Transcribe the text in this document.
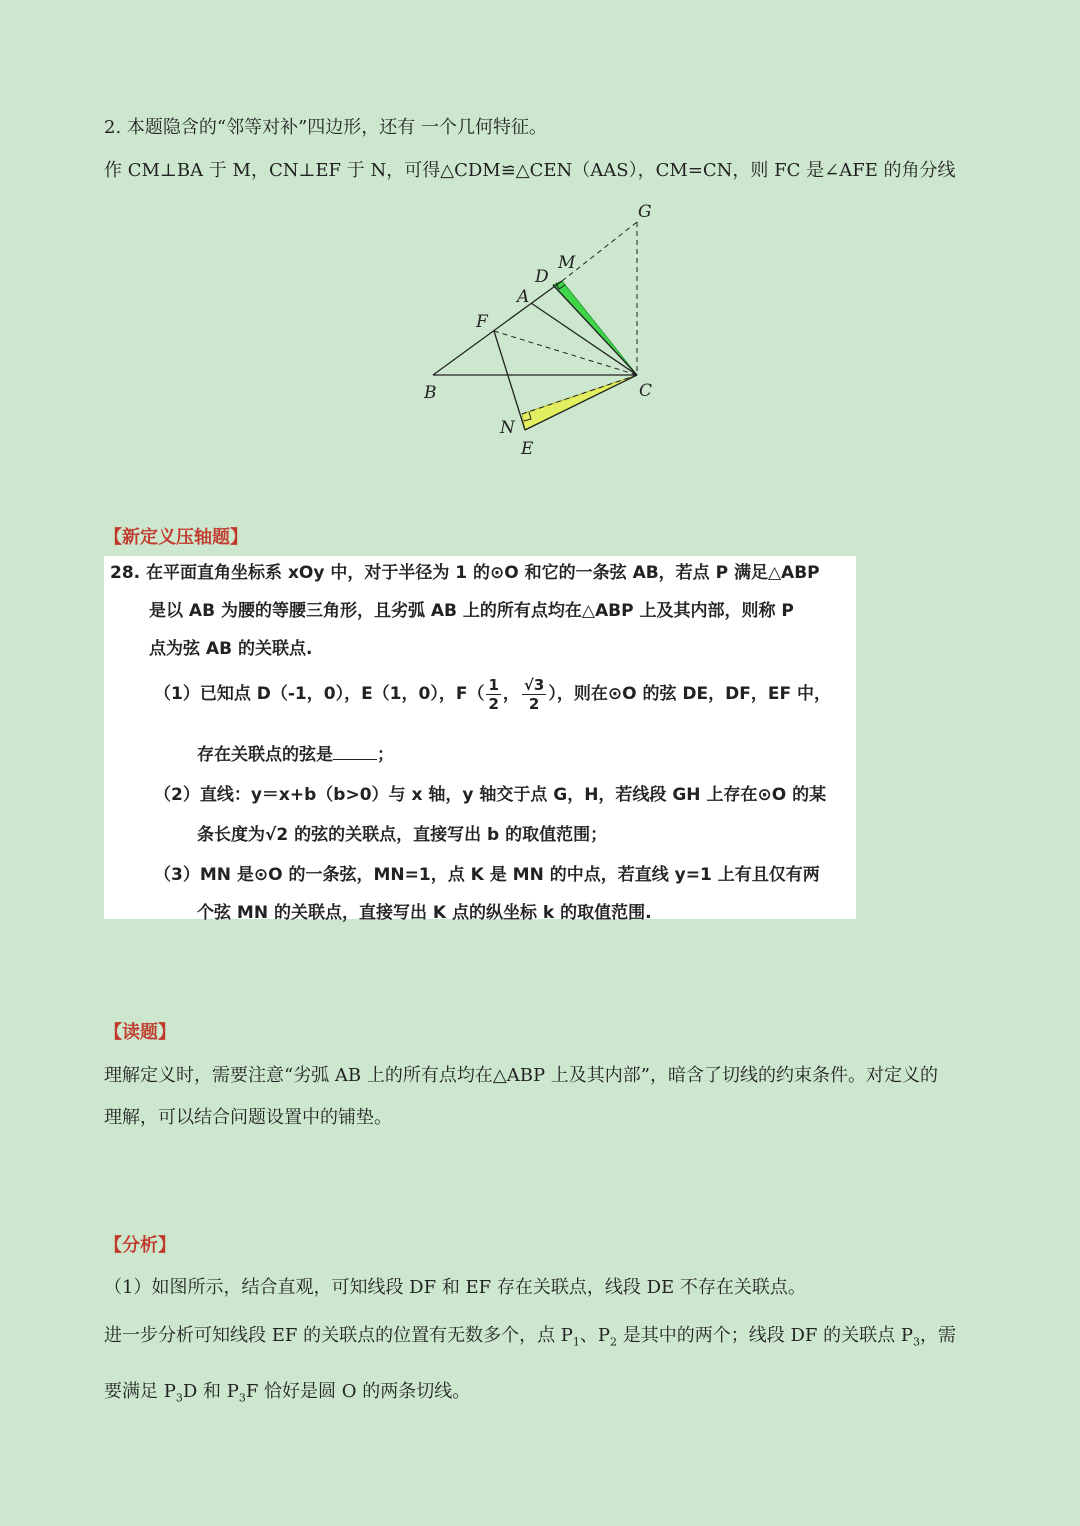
2. 本题隐含的“邻等对补”四边形，还有 一个几何特征。
作 CM⊥BA 于 M，CN⊥EF 于 N，可得△CDM≌△CEN（AAS），CM=CN，则 FC 是∠AFE 的角分线
G
M
D
A
F
B	C
N
E
【新定义压轴题】
28. 在平面直角坐标系 xOy 中，对于半径为 1 的⊙O 和它的一条弦 AB，若点 P 满足△ABP
是以 AB 为腰的等腰三角形，且劣弧 AB 上的所有点均在△ABP 上及其内部，则称 P
点为弦 AB 的关联点.
（1）已知点 D（-1，0），E（1，0），$F( \frac{1}{2}$ ， $\frac{√3}{2}$ ），则在⊙O 的弦 DE，DF，EF 中，
存在关联点的弦是	；
（2）直线：y＝x+b（b>0）与 x 轴，y 轴交于点 G，H，若线段 GH 上存在⊙O 的某
条长度为√2 的弦的关联点，直接写出 b 的取值范围；
（3）MN 是⊙O 的一条弦，MN=1，点 K 是 MN 的中点，若直线 y=1 上有且仅有两
个弦 MN 的关联点，直接写出 K 点的纵坐标 k 的取值范围.
【读题】
理解定义时，需要注意“劣弧 AB 上的所有点均在△ABP 上及其内部”，暗含了切线的约束条件。对定义的
理解，可以结合问题设置中的铺垫。
【分析】
（1）如图所示，结合直观，可知线段 DF 和 EF 存在关联点，线段 DE 不存在关联点。
进一步分析可知线段 EF 的关联点的位置有无数多个，点 $P_1$、$P_2$ 是其中的两个；线段 DF 的关联点 $P_3$，需
要满足 $P_3D$ 和 $P_3F$ 恰好是圆 O 的两条切线。
